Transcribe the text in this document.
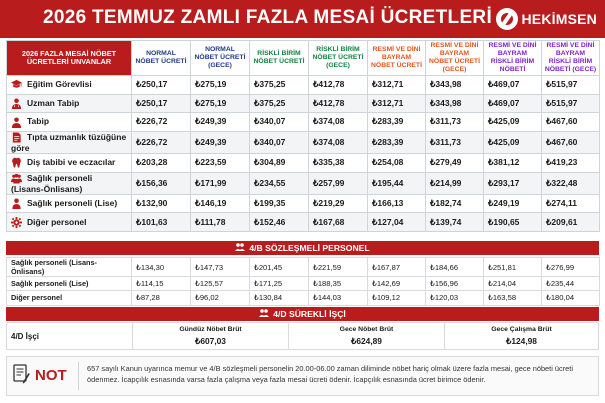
2026 TEMMUZ ZAMLI FAZLA MESAİ ÜCRETLERİ	HEKİMSEN
2026 FAZLA MESAİ NÖBET ÜCRETLERİ UNVANLAR	NORMAL NÖBET ÜCRETİ	NORMAL NÖBET ÜCRETİ (GECE)	RİSKLİ BİRİM NÖBET ÜCRETİ	RİSKLİ BİRİM NÖBET ÜCRETİ (GECE)	RESMİ VE DİNİ BAYRAM NÖBET ÜCRETİ	RESMİ VE DİNİ BAYRAM NÖBET ÜCRETİ (GECE)	RESMİ VE DİNİ BAYRAM RİSKLİ BİRİM NÖBETİ	RESMİ VE DİNİ BAYRAM RİSKLİ BİRİM NÖBETİ (GECE)

Eğitim Görevlisi	₺250,17	₺275,19	₺375,25	₺412,78	₺312,71	₺343,98	₺469,07	₺515,97

Uzman Tabip	₺250,17	₺275,19	₺375,25	₺412,78	₺312,71	₺343,98	₺469,07	₺515,97

Tabip	₺226,72	₺249,39	₺340,07	₺374,08	₺283,39	₺311,73	₺425,09	₺467,60

Tıpta uzmanlık tüzüğüne göre	₺226,72	₺249,39	₺340,07	₺374,08	₺283,39	₺311,73	₺425,09	₺467,60

Diş tabibi ve eczacılar	₺203,28	₺223,59	₺304,89	₺335,38	₺254,08	₺279,49	₺381,12	₺419,23

Sağlık personeli (Lisans-Önlisans)	₺156,36	₺171,99	₺234,55	₺257,99	₺195,44	₺214,99	₺293,17	₺322,48

Sağlık personeli (Lise)	₺132,90	₺146,19	₺199,35	₺219,29	₺166,13	₺182,74	₺249,19	₺274,11

Diğer personel	₺101,63	₺111,78	₺152,46	₺167,68	₺127,04	₺139,74	₺190,65	₺209,61
4/B SÖZLEŞMELİ PERSONEL
Sağlık personeli (Lisans-Önlisans)	₺134,30	₺147,73	₺201,45	₺221,59	₺167,87	₺184,66	₺251,81	₺276,99
Sağlık personeli (Lise)	₺114,15	₺125,57	₺171,25	₺188,35	₺142,69	₺156,96	₺214,04	₺235,44
Diğer personel	₺87,28	₺96,02	₺130,84	₺144,03	₺109,12	₺120,03	₺163,58	₺180,04
4/D SÜREKLİ İŞÇİ
4/D İşçi
Gündüz Nöbet Brüt
₺607,03
Gece Nöbet Brüt
₺624,89
Gece Çalışma Brüt
₺124,98
NOT	657 sayılı Kanun uyarınca memur ve 4/B sözleşmeli personelin 20.00-06.00 zaman diliminde nöbet hariç olmak üzere fazla mesai, gece nöbeti ücreti ödenmez. İcapçılık esnasında varsa fazla çalışma veya fazla mesai ücreti ödenir. İcapçılık esnasında ücret birimce ödenir.
